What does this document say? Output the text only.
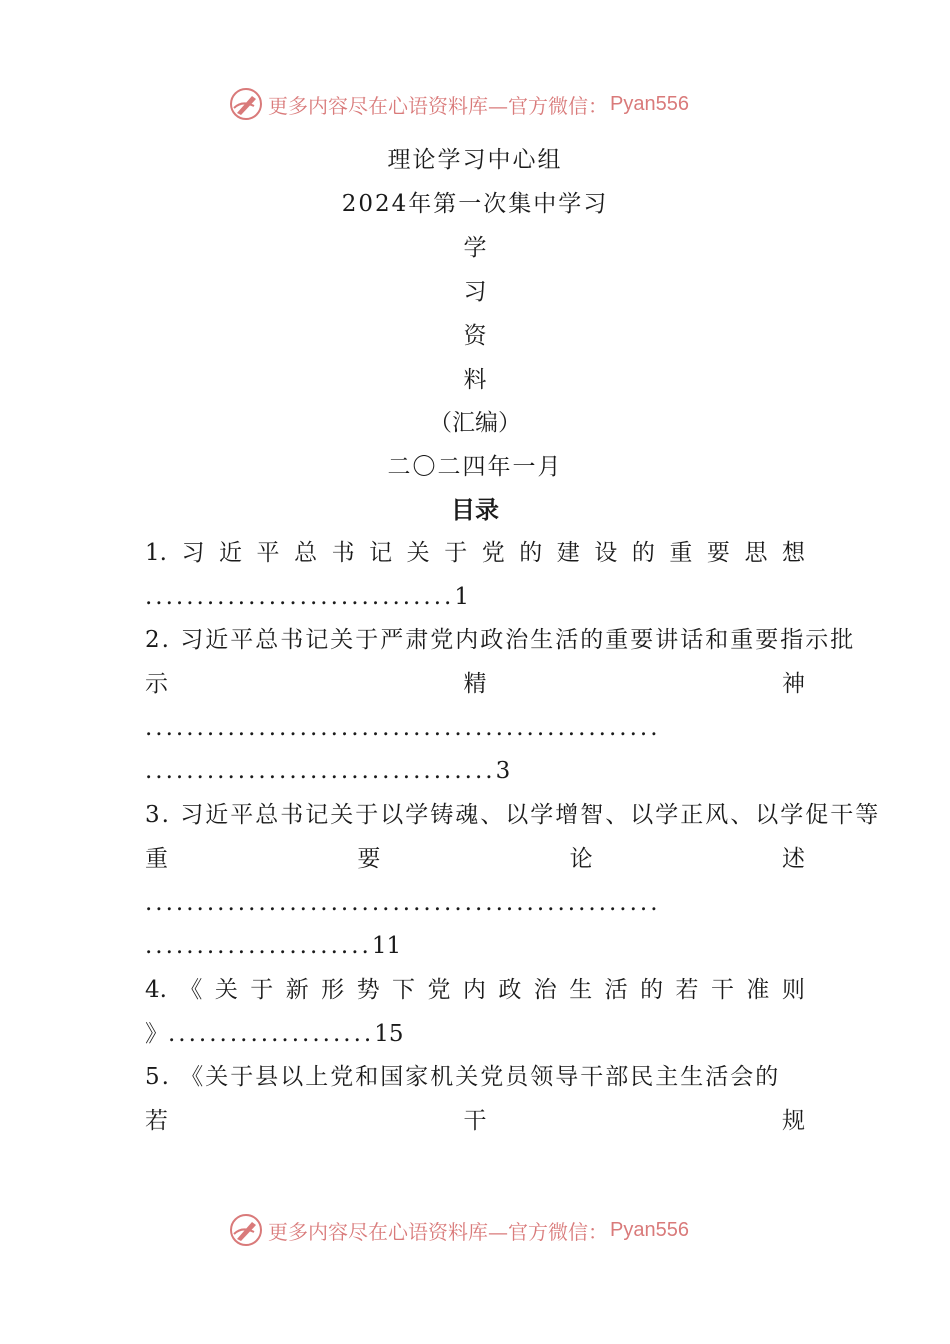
更多内容尽在心语资料库—官方微信： Pyan556
理论学习中心组
2024年第一次集中学习
学
习
资
料
（汇编）
二〇二四年一月
目录
1. 习 近 平 总 书 记 关 于 党 的 建 设 的 重 要 思 想
..............................1
2. 习近平总书记关于严肃党内政治生活的重要讲话和重要指示批
示	精	神
..................................................
..................................3
3. 习近平总书记关于以学铸魂、以学增智、以学正风、以学促干等
重	要	论	述
..................................................
......................11
4. 《 关 于 新 形 势 下 党 内 政 治 生 活 的 若 干 准 则
》....................15
5. 《关于县以上党和国家机关党员领导干部民主生活会的
若	干	规
更多内容尽在心语资料库—官方微信： Pyan556
